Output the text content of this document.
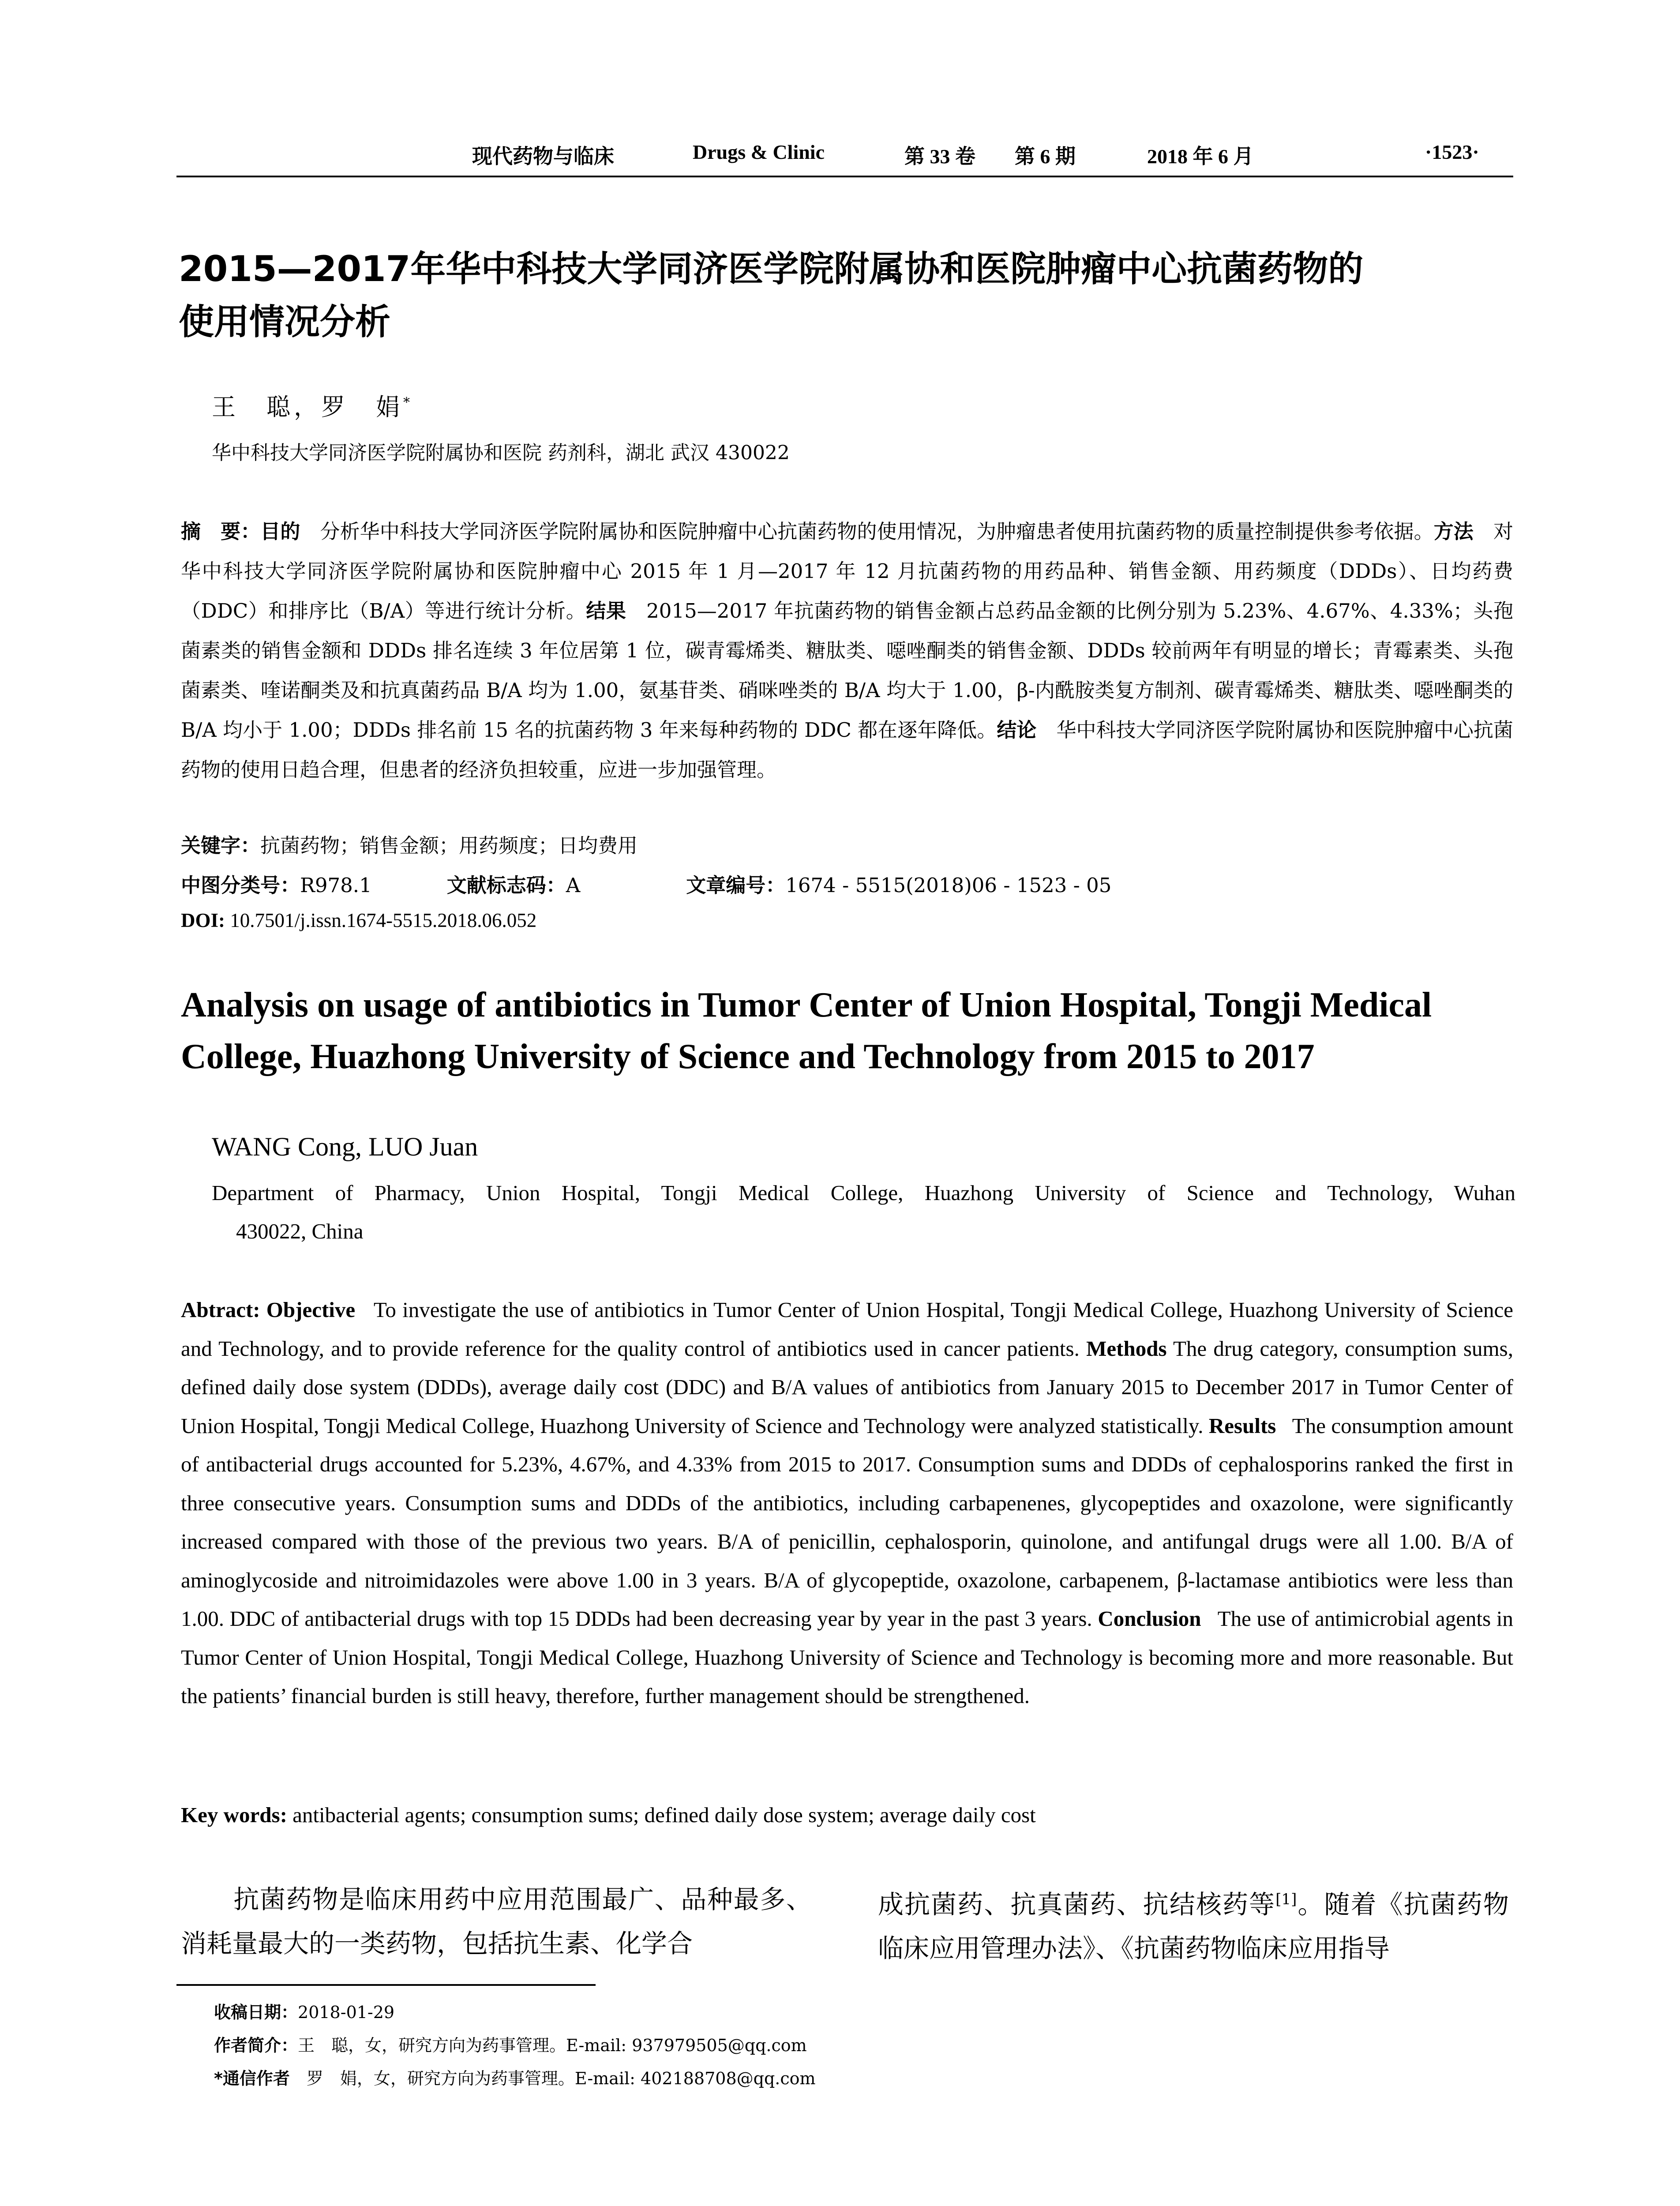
现代药物与临床	Drugs & Clinic	第 33 卷 第 6 期	2018 年 6 月	·1523·
2015—2017年华中科技大学同济医学院附属协和医院肿瘤中心抗菌药物的
使用情况分析
王　聪，罗　娟*
华中科技大学同济医学院附属协和医院 药剂科，湖北 武汉 430022
摘　要：目的　 分析华中科技大学同济医学院附属协和医院肿瘤中心抗菌药物的使用情况，为肿瘤患者使用抗菌药物的质量控制提供参考依据。方法　 对华中科技大学同济医学院附属协和医院肿瘤中心 2015 年 1 月—2017 年 12 月抗菌药物的用药品种、销售金额、用药频度（DDDs）、日均药费（DDC）和排序比（B/A）等进行统计分析。结果　 2015—2017 年抗菌药物的销售金额占总药品金额的比例分别为 5.23%、4.67%、4.33%；头孢菌素类的销售金额和 DDDs 排名连续 3 年位居第 1 位，碳青霉烯类、糖肽类、噁唑酮类的销售金额、DDDs 较前两年有明显的增长；青霉素类、头孢菌素类、喹诺酮类及和抗真菌药品 B/A 均为 1.00，氨基苷类、硝咪唑类的 B/A 均大于 1.00，β-内酰胺类复方制剂、碳青霉烯类、糖肽类、噁唑酮类的 B/A 均小于 1.00；DDDs 排名前 15 名的抗菌药物 3 年来每种药物的 DDC 都在逐年降低。结论　 华中科技大学同济医学院附属协和医院肿瘤中心抗菌药物的使用日趋合理，但患者的经济负担较重，应进一步加强管理。
关键字：抗菌药物；销售金额；用药频度；日均费用
中图分类号：R978.1	文献标志码：A	文章编号：1674 - 5515(2018)06 - 1523 - 05
DOI: 10.7501/j.issn.1674-5515.2018.06.052
Analysis on usage of antibiotics in Tumor Center of Union Hospital, Tongji Medical
College, Huazhong University of Science and Technology from 2015 to 2017
WANG Cong, LUO Juan
Department of Pharmacy, Union Hospital, Tongji Medical College, Huazhong University of Science and Technology, Wuhan
430022, China
Abtract: Objective To investigate the use of antibiotics in Tumor Center of Union Hospital, Tongji Medical College, Huazhong University of Science and Technology, and to provide reference for the quality control of antibiotics used in cancer patients. Methods The drug category, consumption sums, defined daily dose system (DDDs), average daily cost (DDC) and B/A values of antibiotics from January 2015 to December 2017 in Tumor Center of Union Hospital, Tongji Medical College, Huazhong University of Science and Technology were analyzed statistically. Results The consumption amount of antibacterial drugs accounted for 5.23%, 4.67%, and 4.33% from 2015 to 2017. Consumption sums and DDDs of cephalosporins ranked the first in three consecutive years. Consumption sums and DDDs of the antibiotics, including carbapenenes, glycopeptides and oxazolone, were significantly increased compared with those of the previous two years. B/A of penicillin, cephalosporin, quinolone, and antifungal drugs were all 1.00. B/A of aminoglycoside and nitroimidazoles were above 1.00 in 3 years. B/A of glycopeptide, oxazolone, carbapenem, β-lactamase antibiotics were less than 1.00. DDC of antibacterial drugs with top 15 DDDs had been decreasing year by year in the past 3 years. Conclusion The use of antimicrobial agents in Tumor Center of Union Hospital, Tongji Medical College, Huazhong University of Science and Technology is becoming more and more reasonable. But the patients’ financial burden is still heavy, therefore, further management should be strengthened.
Key words: antibacterial agents; consumption sums; defined daily dose system; average daily cost
　　抗菌药物是临床用药中应用范围最广、品种最多、消耗量最大的一类药物，包括抗生素、化学合
成抗菌药、抗真菌药、抗结核药等[1]。随着《抗菌药物临床应用管理办法》、《抗菌药物临床应用指导
收稿日期：2018-01-29
作者简介：王　聪，女，研究方向为药事管理。E-mail: 937979505@qq.com
*通信作者　罗　娟，女，研究方向为药事管理。E-mail: 402188708@qq.com
